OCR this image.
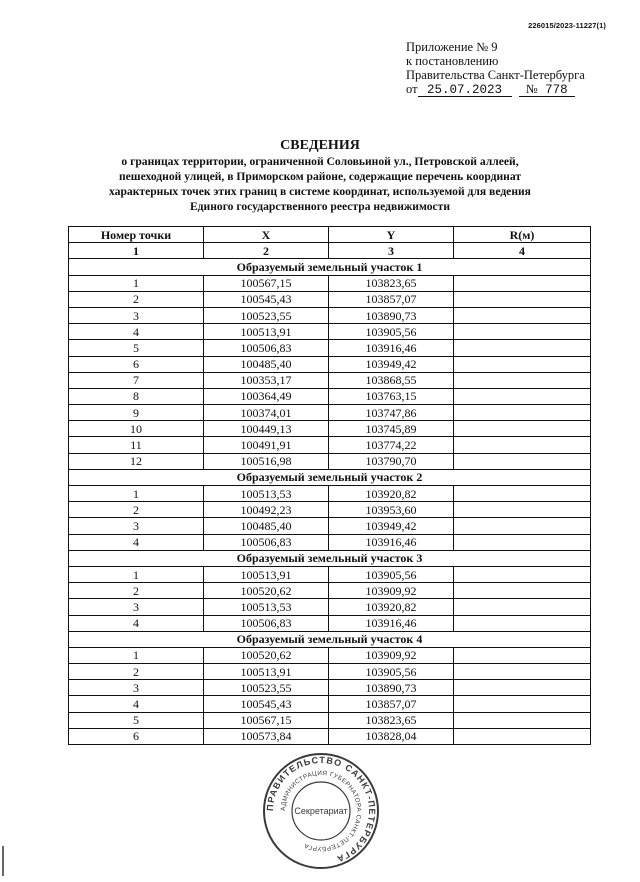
226015/2023-11227(1)
Приложение № 9
к постановлению
Правительства Санкт-Петербурга
от 25.07.2023 № 778
СВЕДЕНИЯ
о границах территории, ограниченной Соловьиной ул., Петровской аллеей,
пешеходной улицей, в Приморском районе, содержащие перечень координат
характерных точек этих границ в системе координат, используемой для ведения
Единого государственного реестра недвижимости
Номер точки	X	Y	R(м)
1	2	3	4
Образуемый земельный участок 1			
1	100567,15	103823,65	
2	100545,43	103857,07	
3	100523,55	103890,73	
4	100513,91	103905,56	
5	100506,83	103916,46	
6	100485,40	103949,42	
7	100353,17	103868,55	
8	100364,49	103763,15	
9	100374,01	103747,86	
10	100449,13	103745,89	
11	100491,91	103774,22	
12	100516,98	103790,70	
Образуемый земельный участок 2			
1	100513,53	103920,82	
2	100492,23	103953,60	
3	100485,40	103949,42	
4	100506,83	103916,46	
Образуемый земельный участок 3			
1	100513,91	103905,56	
2	100520,62	103909,92	
3	100513,53	103920,82	
4	100506,83	103916,46	
Образуемый земельный участок 4			
1	100520,62	103909,92	
2	100513,91	103905,56	
3	100523,55	103890,73	
4	100545,43	103857,07	
5	100567,15	103823,65	
6	100573,84	103828,04	
ПРАВИТЕЛЬСТВО САНКТ-ПЕТЕРБУРГА
АДМИНИСТРАЦИЯ ГУБЕРНАТОРА САНКТ-ПЕТЕРБУРГА
Секретариат
